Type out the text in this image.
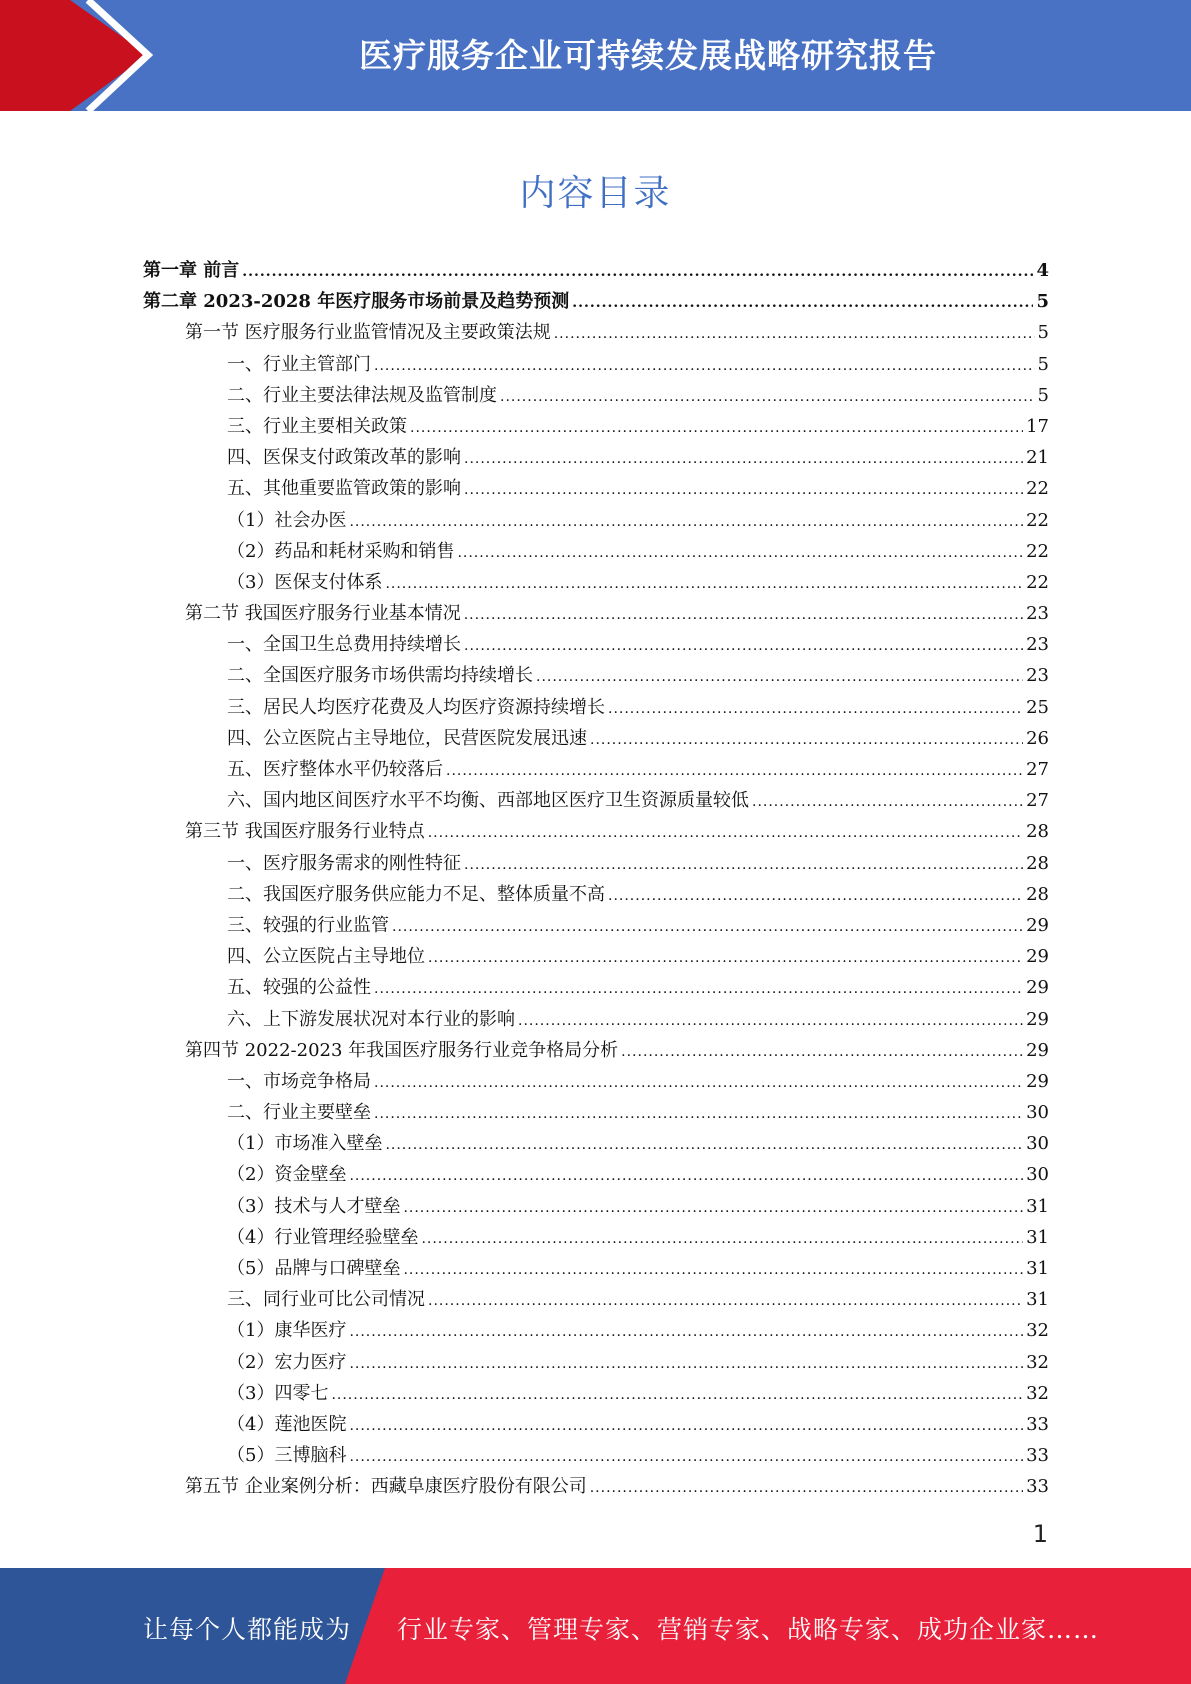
医疗服务企业可持续发展战略研究报告
内容目录
第一章 前言 .....	4
第二章 2023-2028 年医疗服务市场前景及趋势预测 .....	5
第一节 医疗服务行业监管情况及主要政策法规 .....	5
一、行业主管部门 .....	5
二、行业主要法律法规及监管制度 .....	5
三、行业主要相关政策 .....	17
四、医保支付政策改革的影响 .....	21
五、其他重要监管政策的影响 .....	22
（1）社会办医 .....	22
（2）药品和耗材采购和销售 .....	22
（3）医保支付体系 .....	22
第二节 我国医疗服务行业基本情况 .....	23
一、全国卫生总费用持续增长 .....	23
二、全国医疗服务市场供需均持续增长 .....	23
三、居民人均医疗花费及人均医疗资源持续增长 .....	25
四、公立医院占主导地位，民营医院发展迅速 .....	26
五、医疗整体水平仍较落后 .....	27
六、国内地区间医疗水平不均衡、西部地区医疗卫生资源质量较低 .....	27
第三节 我国医疗服务行业特点 .....	28
一、医疗服务需求的刚性特征 .....	28
二、我国医疗服务供应能力不足、整体质量不高 .....	28
三、较强的行业监管 .....	29
四、公立医院占主导地位 .....	29
五、较强的公益性 .....	29
六、上下游发展状况对本行业的影响 .....	29
第四节 2022-2023 年我国医疗服务行业竞争格局分析 .....	29
一、市场竞争格局 .....	29
二、行业主要壁垒 .....	30
（1）市场准入壁垒 .....	30
（2）资金壁垒 .....	30
（3）技术与人才壁垒 .....	31
（4）行业管理经验壁垒 .....	31
（5）品牌与口碑壁垒 .....	31
三、同行业可比公司情况 .....	31
（1）康华医疗 .....	32
（2）宏力医疗 .....	32
（3）四零七 .....	32
（4）莲池医院 .....	33
（5）三博脑科 .....	33
第五节 企业案例分析：西藏阜康医疗股份有限公司 .....	33
1
让每个人都能成为 行业专家、管理专家、营销专家、战略专家、成功企业家……
